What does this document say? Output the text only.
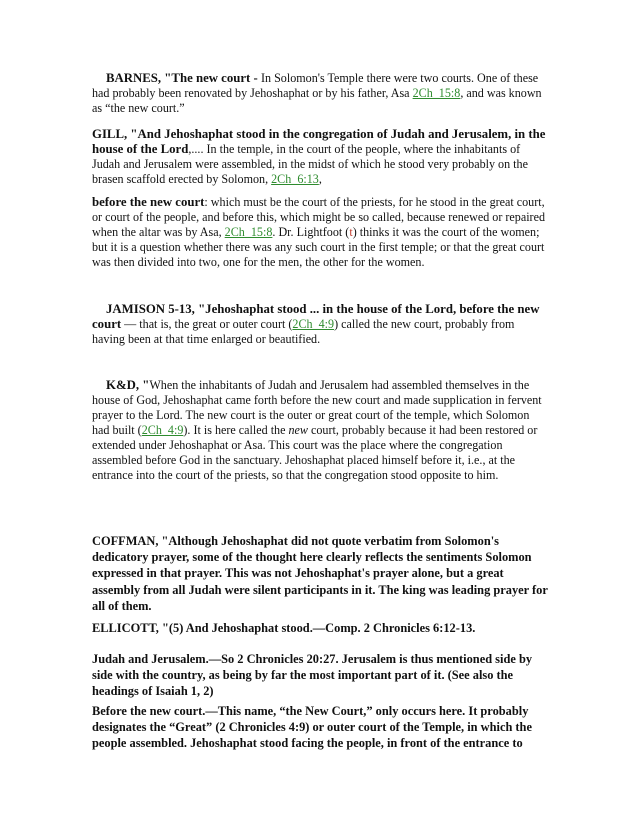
BARNES, "The new court - In Solomon's Temple there were two courts. One of these had probably been renovated by Jehoshaphat or by his father, Asa 2Ch_15:8, and was known as “the new court.”

GILL, "And Jehoshaphat stood in the congregation of Judah and Jerusalem, in the house of the Lord,.... In the temple, in the court of the people, where the inhabitants of Judah and Jerusalem were assembled, in the midst of which he stood very probably on the brasen scaffold erected by Solomon, 2Ch_6:13,

before the new court: which must be the court of the priests, for he stood in the great court, or court of the people, and before this, which might be so called, because renewed or repaired when the altar was by Asa, 2Ch_15:8. Dr. Lightfoot (t) thinks it was the court of the women; but it is a question whether there was any such court in the first temple; or that the great court was then divided into two, one for the men, the other for the women.

JAMISON 5-13, "Jehoshaphat stood ... in the house of the Lord, before the new court — that is, the great or outer court (2Ch_4:9) called the new court, probably from having been at that time enlarged or beautified.

K&D, "When the inhabitants of Judah and Jerusalem had assembled themselves in the house of God, Jehoshaphat came forth before the new court and made supplication in fervent prayer to the Lord. The new court is the outer or great court of the temple, which Solomon had built (2Ch_4:9). It is here called the new court, probably because it had been restored or extended under Jehoshaphat or Asa. This court was the place where the congregation assembled before God in the sanctuary. Jehoshaphat placed himself before it, i.e., at the entrance into the court of the priests, so that the congregation stood opposite to him.

COFFMAN, "Although Jehoshaphat did not quote verbatim from Solomon's dedicatory prayer, some of the thought here clearly reflects the sentiments Solomon expressed in that prayer. This was not Jehoshaphat's prayer alone, but a great assembly from all Judah were silent participants in it. The king was leading prayer for all of them.

ELLICOTT, "(5) And Jehoshaphat stood.—Comp. 2 Chronicles 6:12-13.

Judah and Jerusalem.—So 2 Chronicles 20:27. Jerusalem is thus mentioned side by side with the country, as being by far the most important part of it. (See also the headings of Isaiah 1, 2)

Before the new court.—This name, “the New Court,” only occurs here. It probably designates the “Great” (2 Chronicles 4:9) or outer court of the Temple, in which the people assembled. Jehoshaphat stood facing the people, in front of the entrance to
